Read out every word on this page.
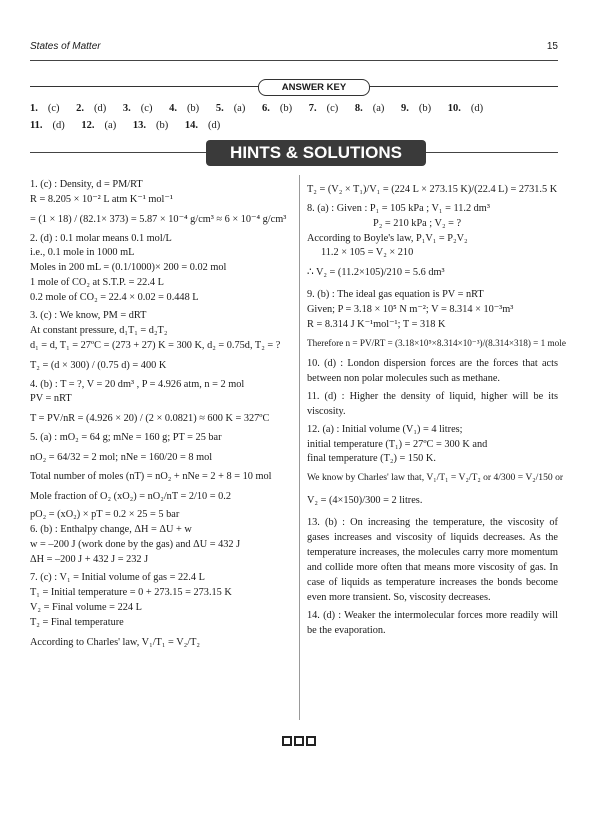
States of Matter	15
ANSWER KEY
1. (c) 2. (d) 3. (c) 4. (b) 5. (a) 6. (b) 7. (c) 8. (a) 9. (b) 10. (d)
11. (d) 12. (a) 13. (b) 14. (d)
HINTS & SOLUTIONS

1. (c) : Density, d = PM/RT

R = 8.205 × 10⁻² L atm K⁻¹ mol⁻¹

= (1 × 18) / (82.1× 373) = 5.87 × 10⁻⁴ g/cm³ ≈ 6 × 10⁻⁴ g/cm³

2. (d) : 0.1 molar means 0.1 mol/L

i.e., 0.1 mole in 1000 mL

Moles in 200 mL = (0.1/1000)× 200 = 0.02 mol

1 mole of CO₂ at S.T.P. = 22.4 L

0.2 mole of CO₂ = 22.4 × 0.02 = 0.448 L

3. (c) : We know, PM = dRT

At constant pressure, d₁T₁ = d₂T₂

d₁ = d, T₁ = 27ºC = (273 + 27) K = 300 K, d₂ = 0.75d, T₂ = ?

T₂ = (d × 300) / (0.75 d) = 400 K

4. (b) : T = ?, V = 20 dm³ , P = 4.926 atm, n = 2 mol

PV = nRT

T = PV/nR = (4.926 × 20) / (2 × 0.0821) ≈ 600 K = 327ºC

5. (a) : mO₂ = 64 g; mNe = 160 g; PT = 25 bar

nO₂ = 64/32 = 2 mol; nNe = 160/20 = 8 mol

Total number of moles (nT) = nO₂ + nNe = 2 + 8 = 10 mol

Mole fraction of O₂ (xO₂) = nO₂/nT = 2/10 = 0.2

pO₂ = (xO₂) × pT = 0.2 × 25 = 5 bar

6. (b) : Enthalpy change, ΔH = ΔU + w

w = –200 J (work done by the gas) and ΔU = 432 J

ΔH = –200 J + 432 J = 232 J

7. (c) : V₁ = Initial volume of gas = 22.4 L

T₁ = Initial temperature = 0 + 273.15 = 273.15 K

V₂ = Final volume = 224 L

T₂ = Final temperature

According to Charles' law, V₁/T₁ = V₂/T₂

T₂ = (V₂ × T₁)/V₁ = (224 L × 273.15 K)/(22.4 L) = 2731.5 K

8. (a) : Given : P₁ = 105 kPa ; V₁ = 11.2 dm³

P₂ = 210 kPa ; V₂ = ?

According to Boyle's law, P₁V₁ = P₂V₂

11.2 × 105 = V₂ × 210

∴ V₂ = (11.2×105)/210 = 5.6 dm³

9. (b) : The ideal gas equation is PV = nRT

Given; P = 3.18 × 10⁵ N m⁻²; V = 8.314 × 10⁻³m³

R = 8.314 J K⁻¹mol⁻¹; T = 318 K

Therefore n = PV/RT = (3.18×10⁵×8.314×10⁻³)/(8.314×318) = 1 mole

10. (d) : London dispersion forces are the forces that acts between non polar molecules such as methane.

11. (d) : Higher the density of liquid, higher will be its viscosity.

12. (a) : Initial volume (V₁) = 4 litres;

initial temperature (T₁) = 27ºC = 300 K and

final temperature (T₂) = 150 K.

We know by Charles' law that, V₁/T₁ = V₂/T₂ or 4/300 = V₂/150 or

V₂ = (4×150)/300 = 2 litres.

13. (b) : On increasing the temperature, the viscosity of gases increases and viscosity of liquids decreases. As the temperature increases, the molecules carry more momentum and collide more often that means more viscosity of gas. In case of liquids as temperature increases the bonds become even more transient. So, viscosity decreases.

14. (d) : Weaker the intermolecular forces more readily will be the evaporation.
